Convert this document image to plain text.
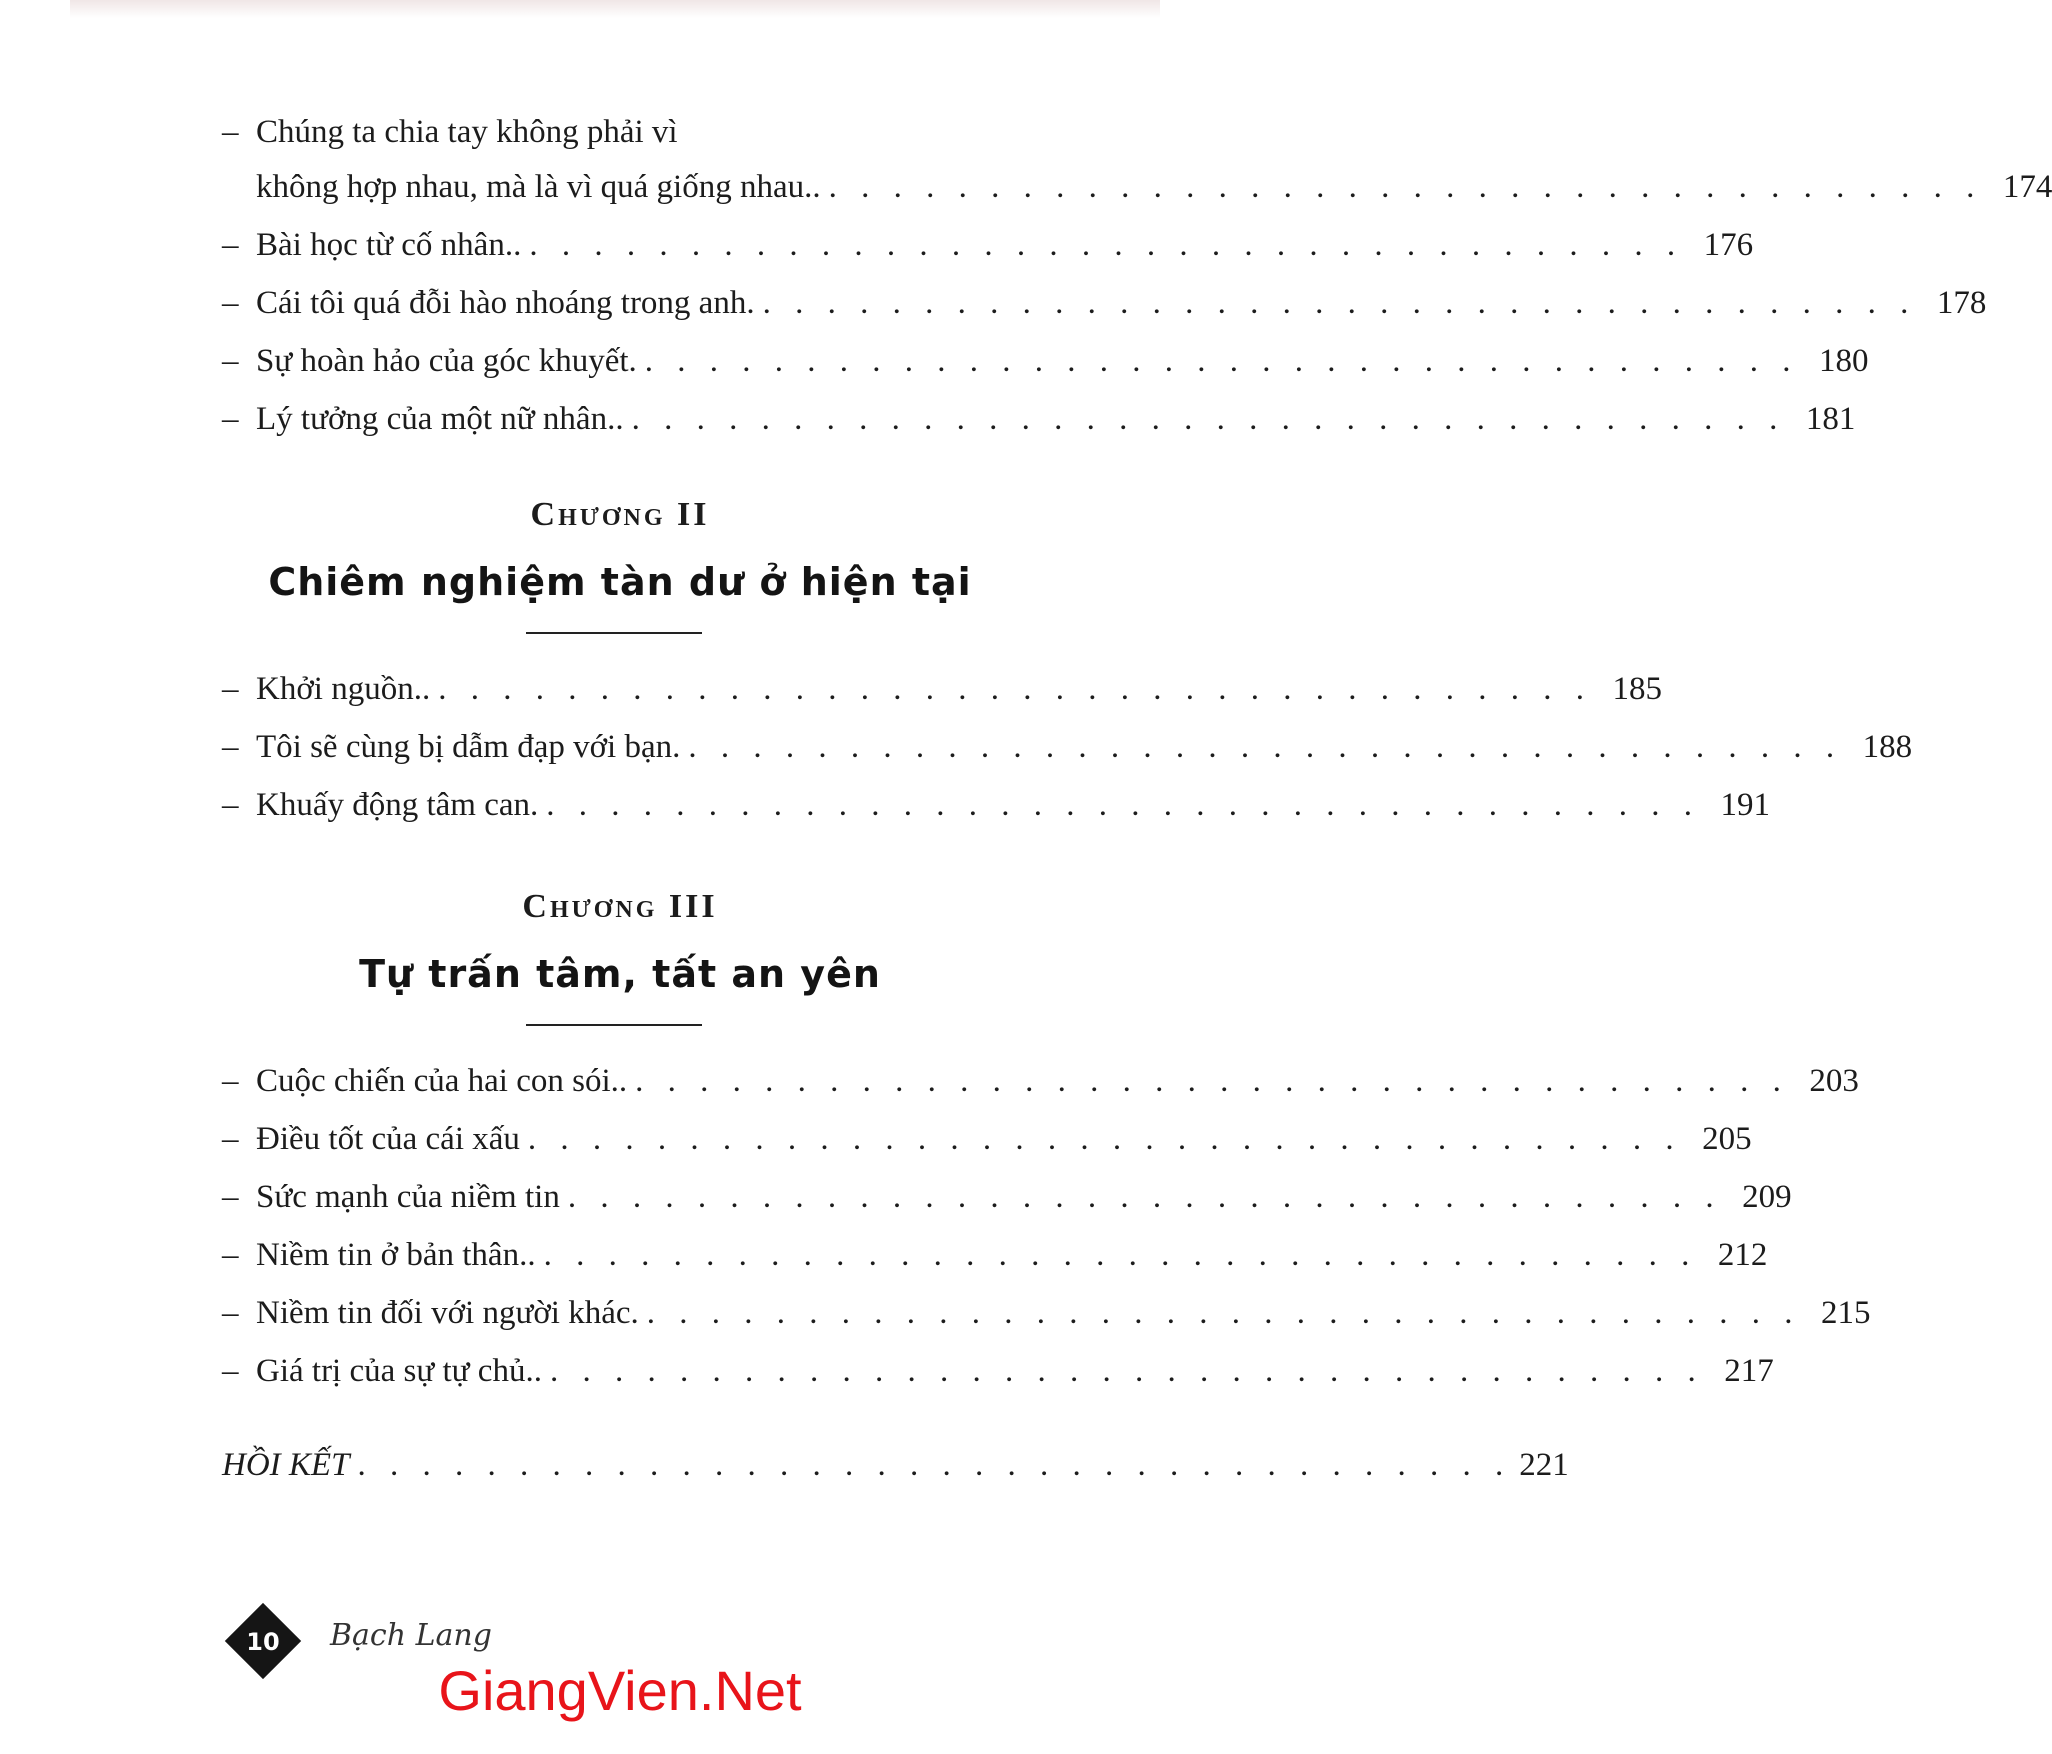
– Chúng ta chia tay không phải vì
không hợp nhau, mà là vì quá giống nhau.. . . . . . . . . . . . . . . . . . . . . . . . . . . . . . . . . . . . . 174
– Bài học từ cố nhân.. . . . . . . . . . . . . . . . . . . . . . . . . . . . . . . . . . . . . 176
– Cái tôi quá đỗi hào nhoáng trong anh. . . . . . . . . . . . . . . . . . . . . . . . . . . . . . . . . . . . . 178
– Sự hoàn hảo của góc khuyết. . . . . . . . . . . . . . . . . . . . . . . . . . . . . . . . . . . . . 180
– Lý tưởng của một nữ nhân.. . . . . . . . . . . . . . . . . . . . . . . . . . . . . . . . . . . . . 181
Chương II
Chiêm nghiệm tàn dư ở hiện tại
– Khởi nguồn.. . . . . . . . . . . . . . . . . . . . . . . . . . . . . . . . . . . . . 185
– Tôi sẽ cùng bị dẫm đạp với bạn. . . . . . . . . . . . . . . . . . . . . . . . . . . . . . . . . . . . . 188
– Khuấy động tâm can. . . . . . . . . . . . . . . . . . . . . . . . . . . . . . . . . . . . . 191
Chương III
Tự trấn tâm, tất an yên
– Cuộc chiến của hai con sói.. . . . . . . . . . . . . . . . . . . . . . . . . . . . . . . . . . . . . 203
– Điều tốt của cái xấu . . . . . . . . . . . . . . . . . . . . . . . . . . . . . . . . . . . . 205
– Sức mạnh của niềm tin . . . . . . . . . . . . . . . . . . . . . . . . . . . . . . . . . . . . 209
– Niềm tin ở bản thân.. . . . . . . . . . . . . . . . . . . . . . . . . . . . . . . . . . . . . 212
– Niềm tin đối với người khác. . . . . . . . . . . . . . . . . . . . . . . . . . . . . . . . . . . . . 215
– Giá trị của sự tự chủ.. . . . . . . . . . . . . . . . . . . . . . . . . . . . . . . . . . . . . 217
HỒI KẾT . . . . . . . . . . . . . . . . . . . . . . . . . . . . . . . . . . . . 221
10	Bạch Lang
GiangVien.Net
